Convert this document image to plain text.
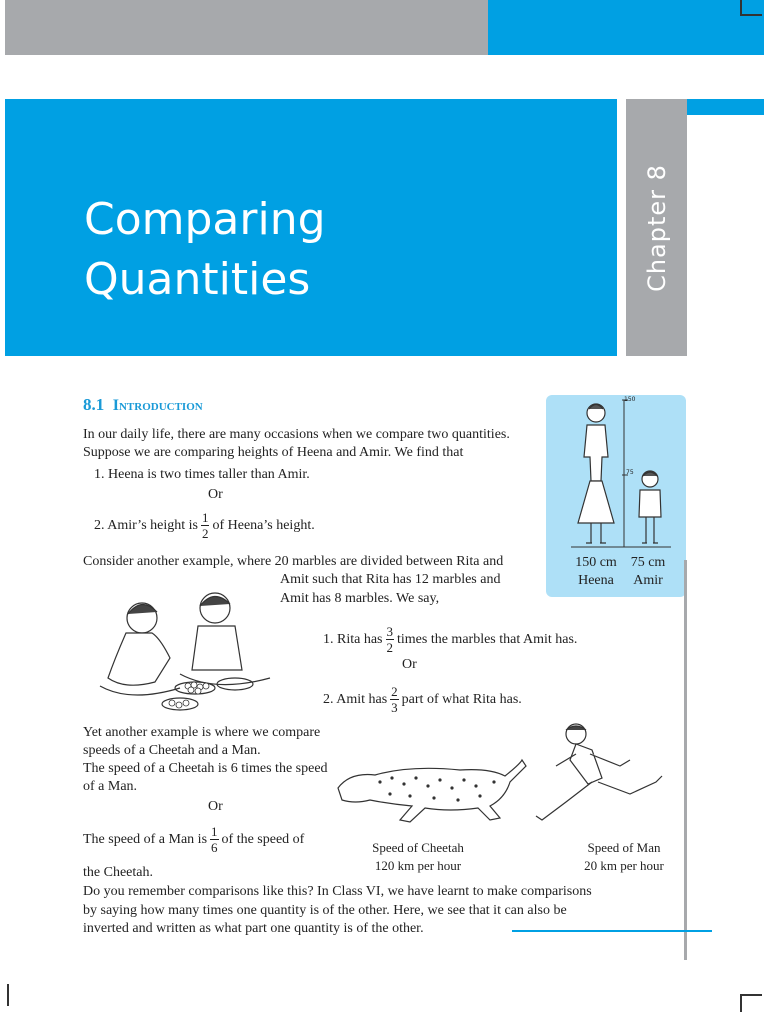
Chapter 8
Comparing
Quantities
8.1 Introduction
In our daily life, there are many occasions when we compare two quantities.
Suppose we are comparing heights of Heena and Amir. We find that
1. Heena is two times taller than Amir.
Or
2. Amir’s height is $\frac{1}{2}$ of Heena’s height.
150
75
150 cm 75 cm
Heena	Amir
Consider another example, where 20 marbles are divided between Rita and
Amit such that Rita has 12 marbles and
Amit has 8 marbles. We say,
1. Rita has $\frac{3}{2}$ times the marbles that Amit has.
Or
2. Amit has $\frac{2}{3}$ part of what Rita has.
Yet another example is where we compare
speeds of a Cheetah and a Man.
The speed of a Cheetah is 6 times the speed
of a Man.
Or
The speed of a Man is $\frac{1}{6}$ of the speed of
the Cheetah.
Speed of Cheetah
120 km per hour
Speed of Man
20 km per hour
Do you remember comparisons like this? In Class VI, we have learnt to make comparisons
by saying how many times one quantity is of the other. Here, we see that it can also be
inverted and written as what part one quantity is of the other.
